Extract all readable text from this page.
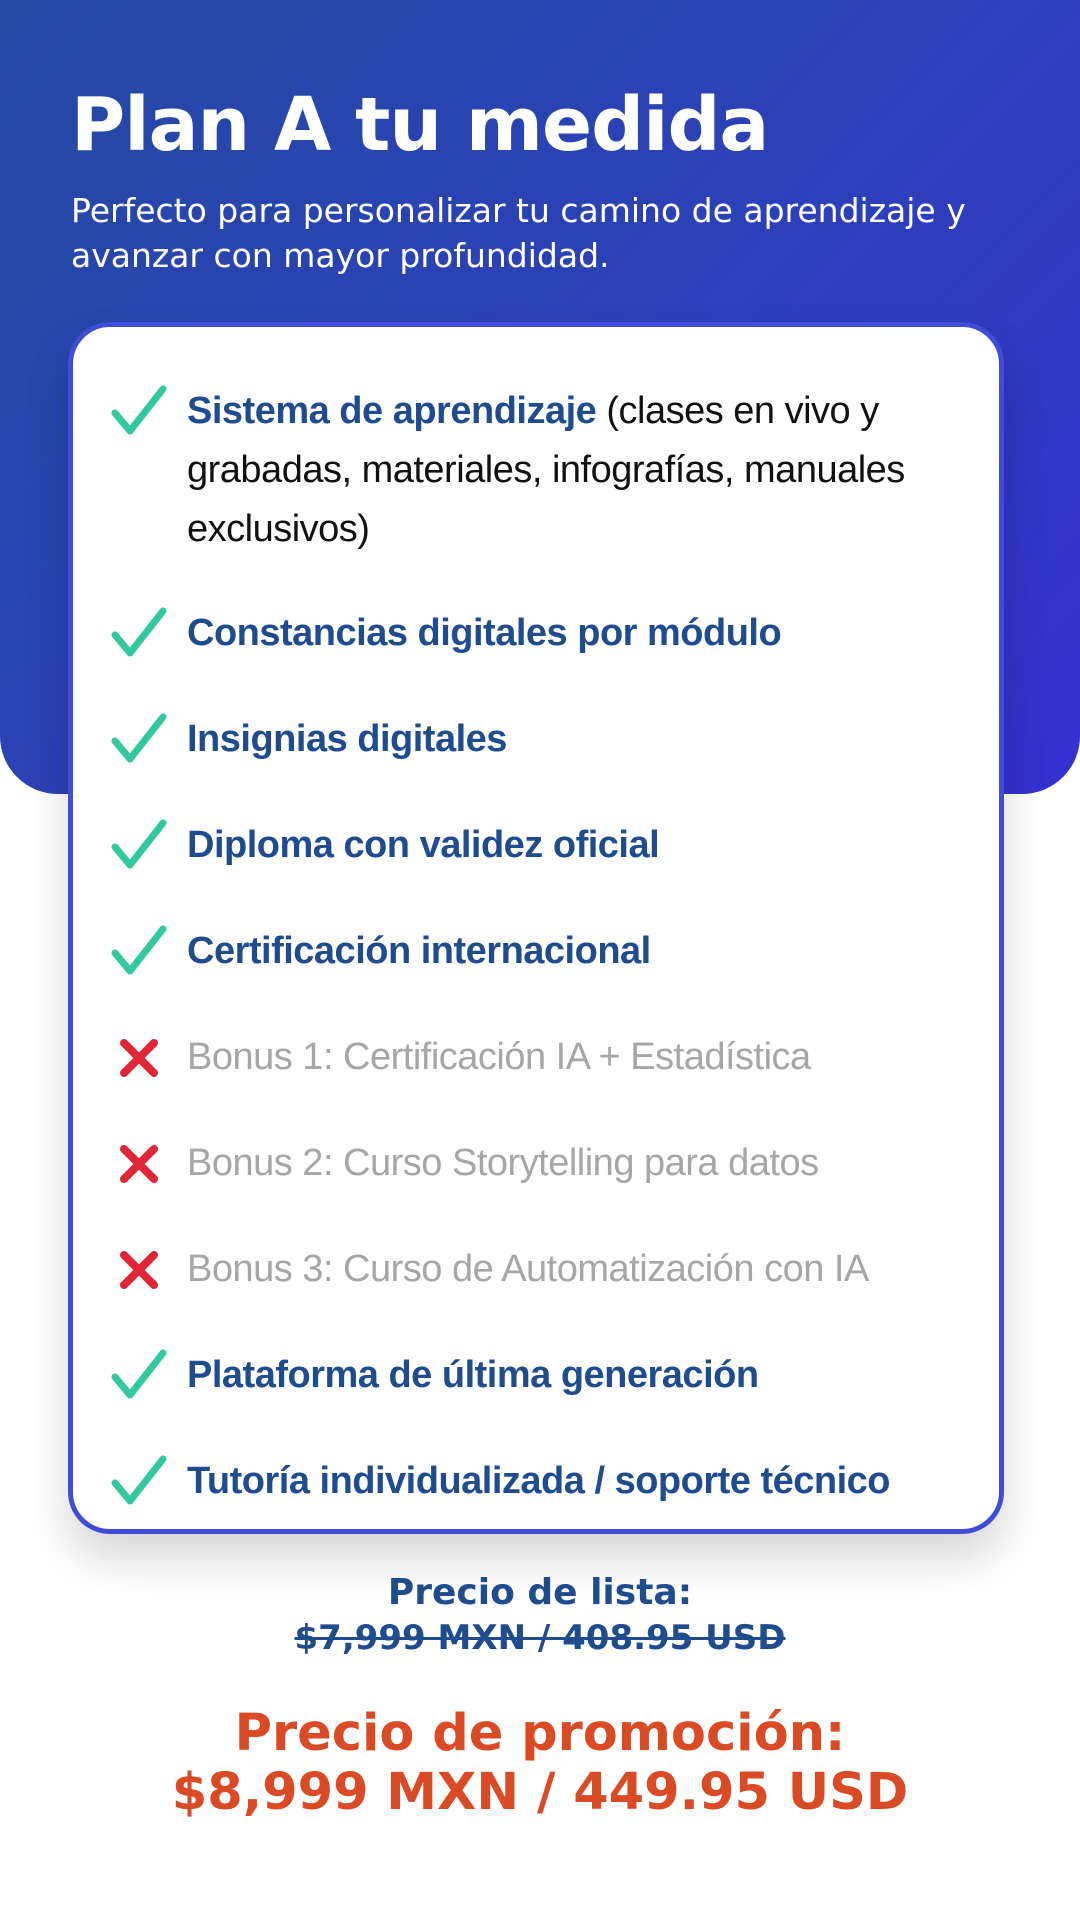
Plan A tu medida

Perfecto para personalizar tu camino de aprendizaje y avanzar con mayor profundidad.

Sistema de aprendizaje (clases en vivo y grabadas, materiales, infografías, manuales exclusivos)
Constancias digitales por módulo
Insignias digitales
Diploma con validez oficial
Certificación internacional
Bonus 1: Certificación IA + Estadística
Bonus 2: Curso Storytelling para datos
Bonus 3: Curso de Automatización con IA
Plataforma de última generación
Tutoría individualizada / soporte técnico
Precio de lista:
$7,999 MXN / 408.95 USD
Precio de promoción:
$8,999 MXN / 449.95 USD
